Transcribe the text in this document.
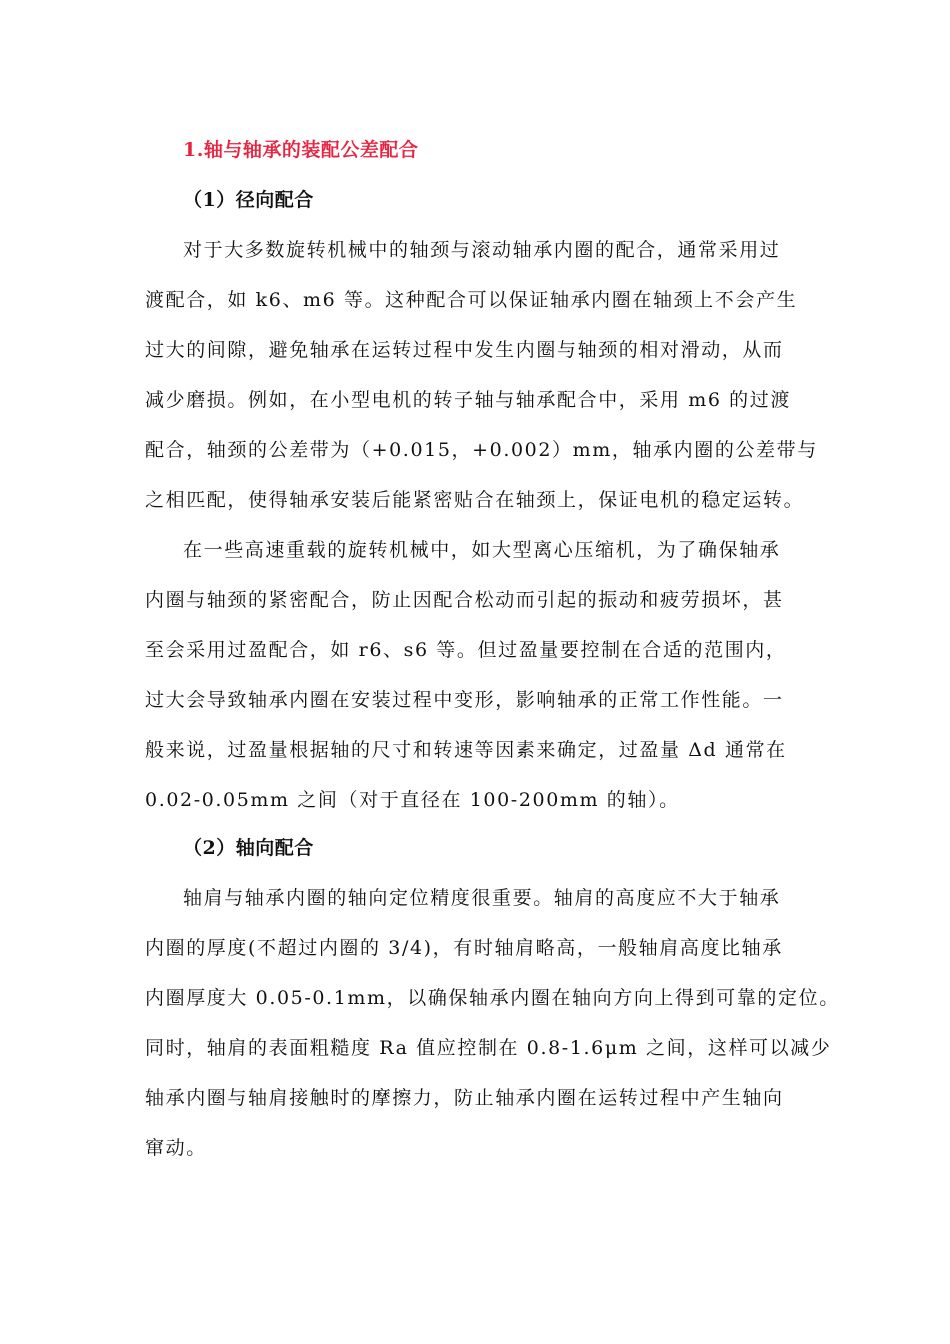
1.轴与轴承的装配公差配合
（1）径向配合
对于大多数旋转机械中的轴颈与滚动轴承内圈的配合，通常采用过
渡配合，如 k6、m6 等。这种配合可以保证轴承内圈在轴颈上不会产生
过大的间隙，避免轴承在运转过程中发生内圈与轴颈的相对滑动，从而
减少磨损。例如，在小型电机的转子轴与轴承配合中，采用 m6 的过渡
配合，轴颈的公差带为（+0.015，+0.002）mm，轴承内圈的公差带与
之相匹配，使得轴承安装后能紧密贴合在轴颈上，保证电机的稳定运转。
在一些高速重载的旋转机械中，如大型离心压缩机，为了确保轴承
内圈与轴颈的紧密配合，防止因配合松动而引起的振动和疲劳损坏，甚
至会采用过盈配合，如 r6、s6 等。但过盈量要控制在合适的范围内，
过大会导致轴承内圈在安装过程中变形，影响轴承的正常工作性能。一
般来说，过盈量根据轴的尺寸和转速等因素来确定，过盈量 Δd 通常在
0.02-0.05mm 之间（对于直径在 100-200mm 的轴）。
（2）轴向配合
轴肩与轴承内圈的轴向定位精度很重要。轴肩的高度应不大于轴承
内圈的厚度(不超过内圈的 3/4)，有时轴肩略高，一般轴肩高度比轴承
内圈厚度大 0.05-0.1mm，以确保轴承内圈在轴向方向上得到可靠的定位。
同时，轴肩的表面粗糙度 Ra 值应控制在 0.8-1.6μm 之间，这样可以减少
轴承内圈与轴肩接触时的摩擦力，防止轴承内圈在运转过程中产生轴向
窜动。
